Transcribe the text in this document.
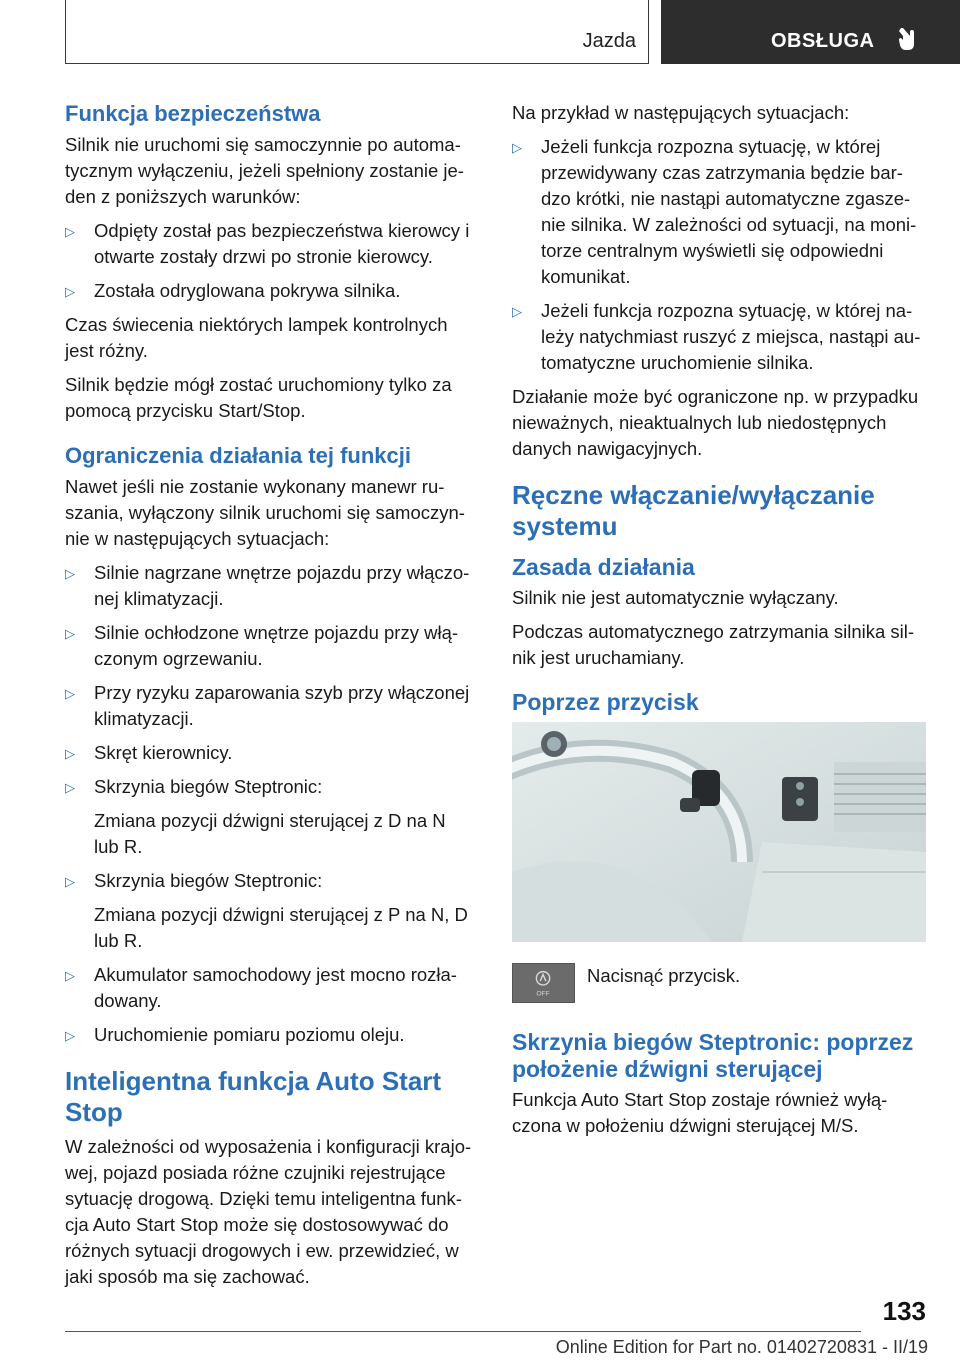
Jazda	OBSŁUGA
Funkcja bezpieczeństwa

Silnik nie uruchomi się samoczynnie po automatycznym wyłączeniu, jeżeli spełniony zostanie jeden z poniższych warunków:

▷ Odpięty został pas bezpieczeństwa kierowcy i otwarte zostały drzwi po stronie kierowcy.
▷ Została odryglowana pokrywa silnika.

Czas świecenia niektórych lampek kontrolnych jest różny.

Silnik będzie mógł zostać uruchomiony tylko za pomocą przycisku Start/Stop.

Ograniczenia działania tej funkcji

Nawet jeśli nie zostanie wykonany manewr ruszania, wyłączony silnik uruchomi się samoczynnie w następujących sytuacjach:

▷ Silnie nagrzane wnętrze pojazdu przy włączonej klimatyzacji.
▷ Silnie ochłodzone wnętrze pojazdu przy włączonym ogrzewaniu.
▷ Przy ryzyku zaparowania szyb przy włączonej klimatyzacji.
▷ Skręt kierownicy.
▷ Skrzynia biegów Steptronic:
Zmiana pozycji dźwigni sterującej z D na N lub R.
▷ Skrzynia biegów Steptronic:
Zmiana pozycji dźwigni sterującej z P na N, D lub R.
▷ Akumulator samochodowy jest mocno rozładowany.
▷ Uruchomienie pomiaru poziomu oleju.
Inteligentna funkcja Auto Start Stop

W zależności od wyposażenia i konfiguracji krajowej, pojazd posiada różne czujniki rejestrujące sytuację drogową. Dzięki temu inteligentna funkcja Auto Start Stop może się dostosowywać do różnych sytuacji drogowych i ew. przewidzieć, w jaki sposób ma się zachować.

Na przykład w następujących sytuacjach:

▷ Jeżeli funkcja rozpozna sytuację, w której przewidywany czas zatrzymania będzie bardzo krótki, nie nastąpi automatyczne zgaszenie silnika. W zależności od sytuacji, na monitorze centralnym wyświetli się odpowiedni komunikat.
▷ Jeżeli funkcja rozpozna sytuację, w której należy natychmiast ruszyć z miejsca, nastąpi automatyczne uruchomienie silnika.

Działanie może być ograniczone np. w przypadku nieważnych, nieaktualnych lub niedostępnych danych nawigacyjnych.

Ręczne włączanie/wyłączanie systemu
Zasada działania

Silnik nie jest automatycznie wyłączany.

Podczas automatycznego zatrzymania silnika silnik jest uruchamiany.

Poprzez przycisk
OFF

Nacisnąć przycisk.

Skrzynia biegów Steptronic: poprzez położenie dźwigni sterującej

Funkcja Auto Start Stop zostaje również wyłączona w położeniu dźwigni sterującej M/S.

133
Online Edition for Part no. 01402720831 - II/19
